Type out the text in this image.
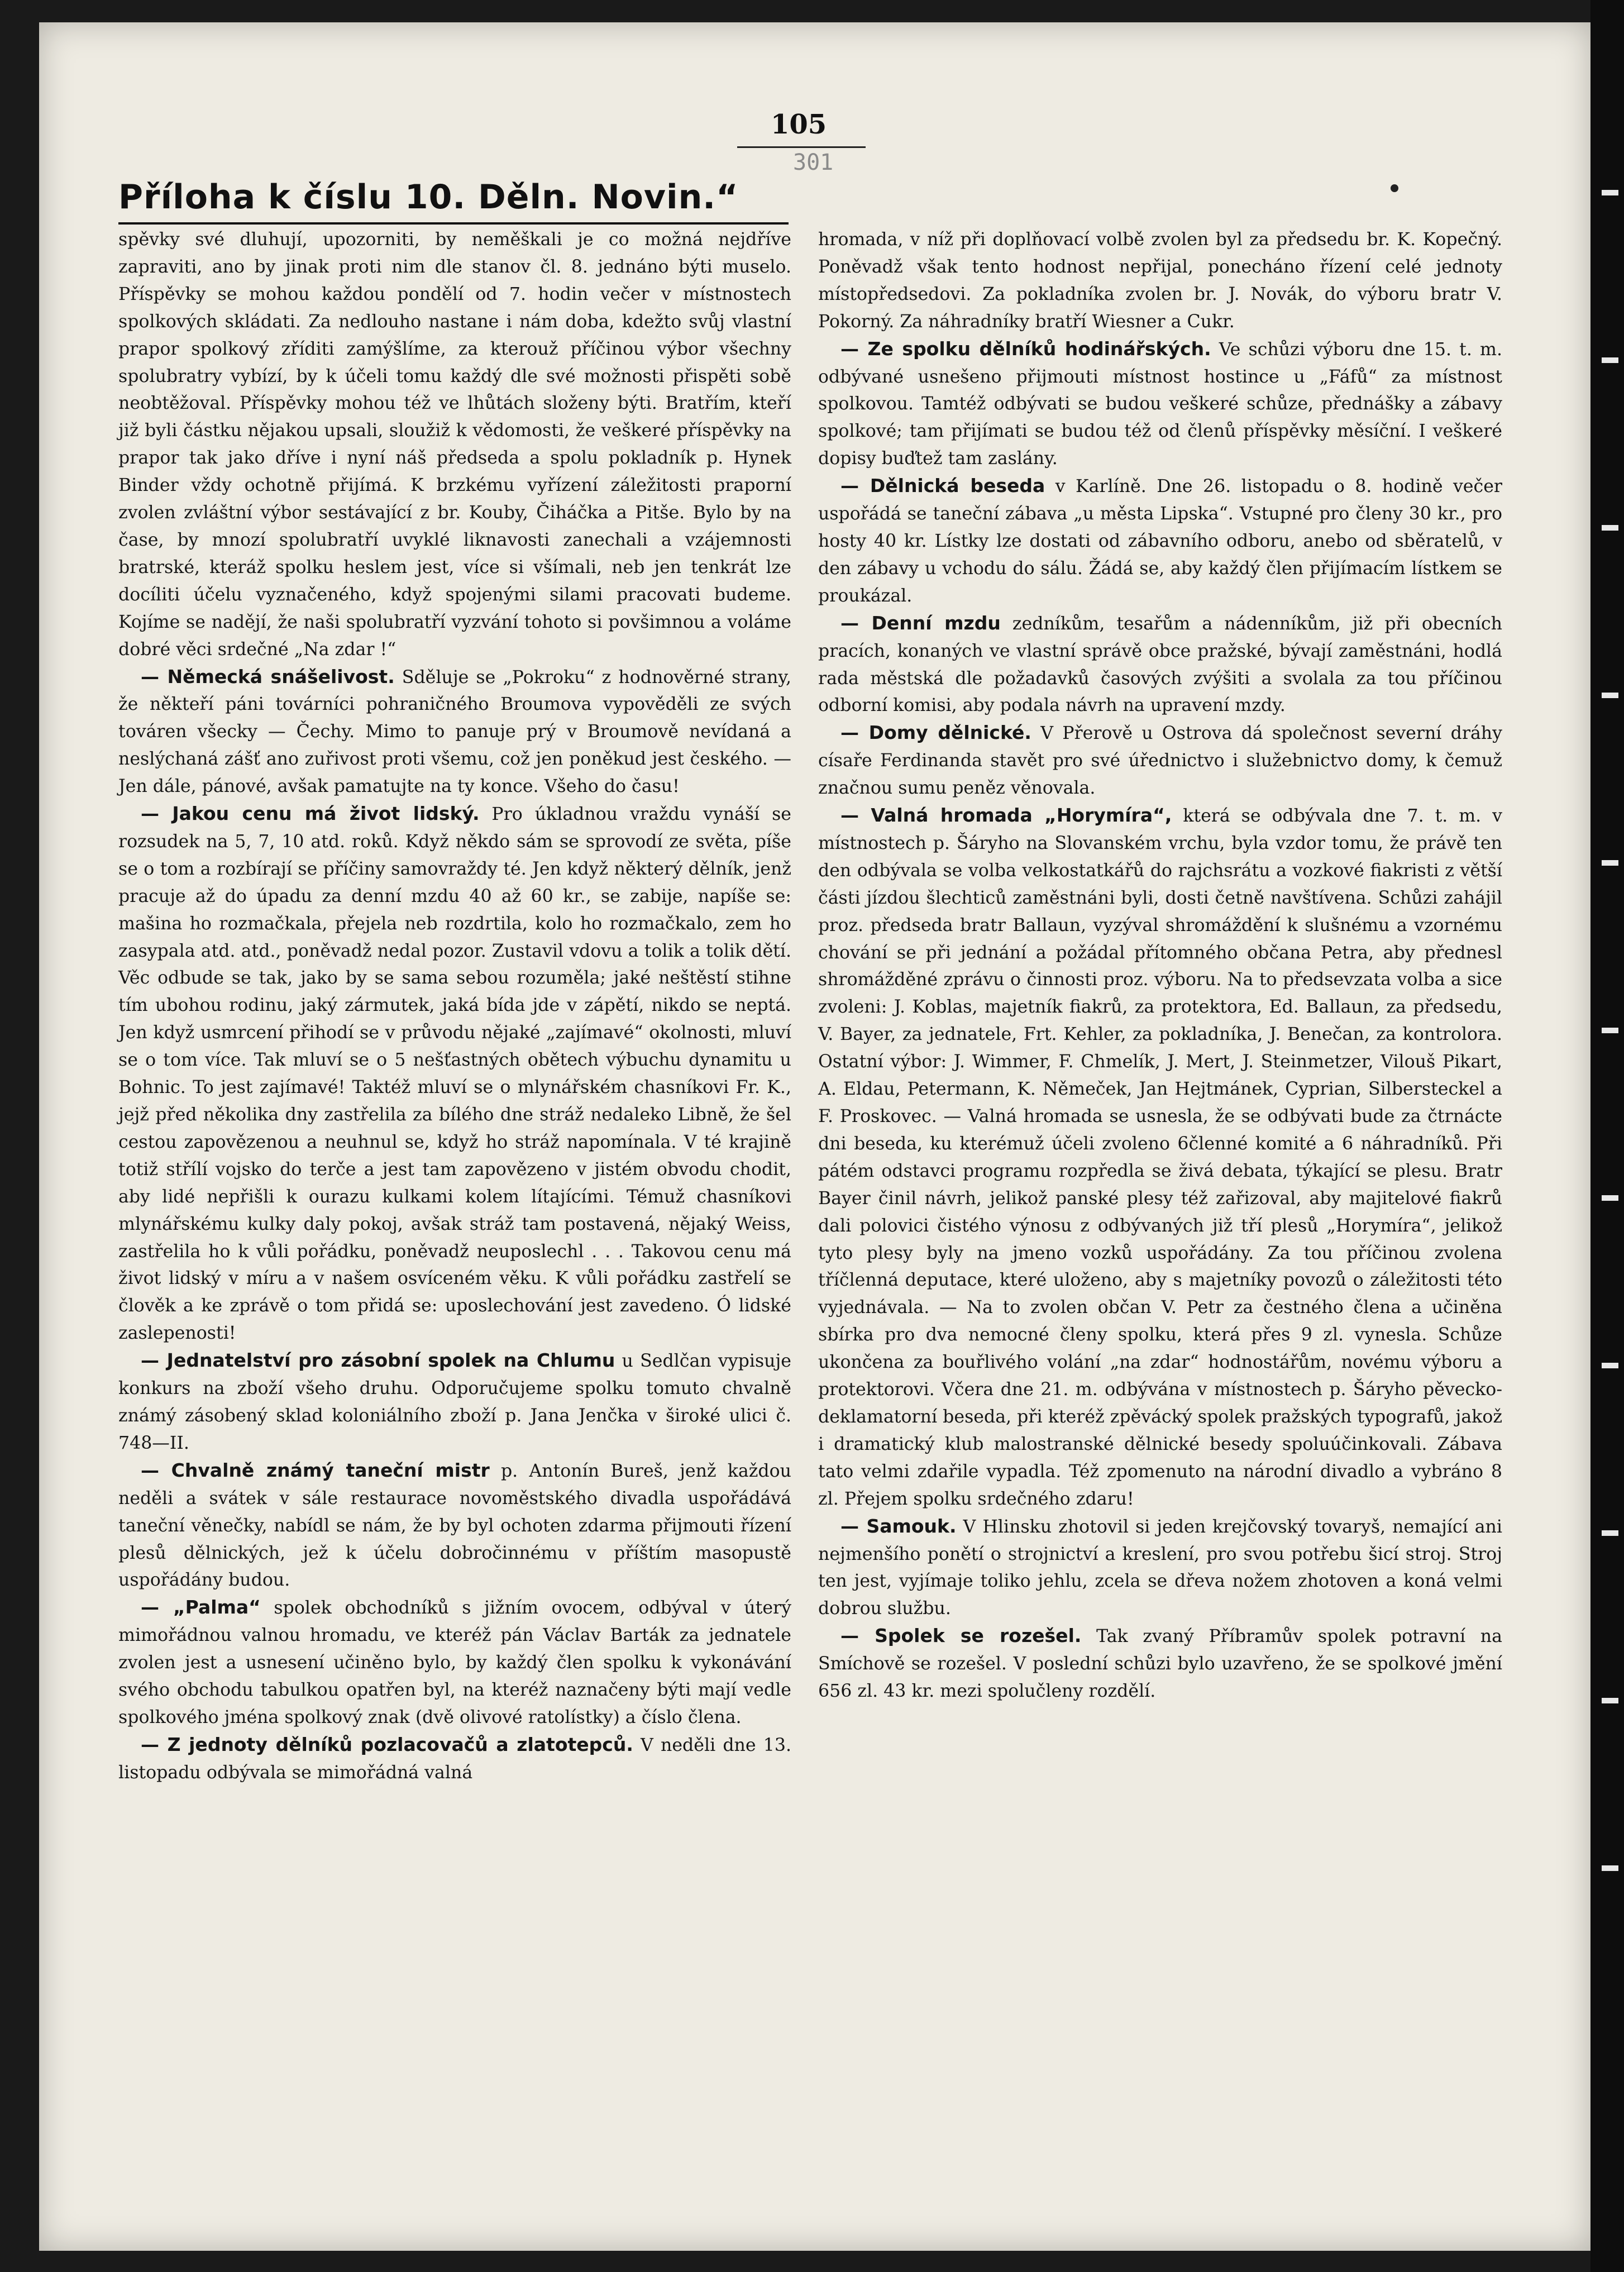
105
301
Příloha k číslu 10. Děln. Novin.“

spěvky své dluhují, upozorniti, by neměškali je co možná nejdříve zapraviti, ano by jinak proti nim dle stanov čl. 8. jednáno býti muselo. Příspěvky se mohou každou pondělí od 7. hodin večer v místnostech spolkových skládati. Za nedlouho nastane i nám doba, kdežto svůj vlastní prapor spolkový zříditi zamýšlíme, za kterouž příčinou výbor všechny spolubratry vybízí, by k účeli tomu každý dle své možnosti přispěti sobě neobtěžoval. Příspěvky mohou též ve lhůtách složeny býti. Bratřím, kteří již byli částku nějakou upsali, sloužiž k vědomosti, že veškeré příspěvky na prapor tak jako dříve i nyní náš předseda a spolu pokladník p. Hynek Binder vždy ochotně přijímá. K brzkému vyřízení záležitosti praporní zvolen zvláštní výbor sestávající z br. Kouby, Čiháčka a Pitše. Bylo by na čase, by mnozí spolubratří uvyklé liknavosti zanechali a vzájemnosti bratrské, kteráž spolku heslem jest, více si všímali, neb jen tenkrát lze docíliti účelu vyznačeného, když spojenými silami pracovati budeme. Kojíme se nadějí, že naši spolubratří vyzvání tohoto si povšimnou a voláme dobré věci srdečné „Na zdar !“

— Německá snášelivost. Sděluje se „Pokroku“ z hodnověrné strany, že někteří páni továrníci pohraničného Broumova vypověděli ze svých továren všecky — Čechy. Mimo to panuje prý v Broumově nevídaná a neslýchaná zášť ano zuřivost proti všemu, což jen poněkud jest českého. — Jen dále, pánové, avšak pamatujte na ty konce. Všeho do času!

— Jakou cenu má život lidský. Pro úkladnou vraždu vynáší se rozsudek na 5, 7, 10 atd. roků. Když někdo sám se sprovodí ze světa, píše se o tom a rozbírají se příčiny samovraždy té. Jen když některý dělník, jenž pracuje až do úpadu za denní mzdu 40 až 60 kr., se zabije, napíše se: mašina ho rozmačkala, přejela neb rozdrtila, kolo ho rozmačkalo, zem ho zasypala atd. atd., poněvadž nedal pozor. Zustavil vdovu a tolik a tolik dětí. Věc odbude se tak, jako by se sama sebou rozuměla; jaké neštěstí stihne tím ubohou rodinu, jaký zármutek, jaká bída jde v zápětí, nikdo se neptá. Jen když usmrcení přihodí se v průvodu nějaké „zajímavé“ okolnosti, mluví se o tom více. Tak mluví se o 5 nešťastných obětech výbuchu dynamitu u Bohnic. To jest zajímavé! Taktéž mluví se o mlynářském chasníkovi Fr. K., jejž před několika dny zastřelila za bílého dne stráž nedaleko Libně, že šel cestou zapovězenou a neuhnul se, když ho stráž napomínala. V té krajině totiž střílí vojsko do terče a jest tam zapovězeno v jistém obvodu chodit, aby lidé nepřišli k ourazu kulkami kolem lítajícími. Témuž chasníkovi mlynářskému kulky daly pokoj, avšak stráž tam postavená, nějaký Weiss, zastřelila ho k vůli pořádku, poněvadž neuposlechl . . . Takovou cenu má život lidský v míru a v našem osvíceném věku. K vůli pořádku zastřelí se člověk a ke zprávě o tom přidá se: uposlechování jest zavedeno. Ó lidské zaslepenosti!

— Jednatelství pro zásobní spolek na Chlumu u Sedlčan vypisuje konkurs na zboží všeho druhu. Odporučujeme spolku tomuto chvalně známý zásobený sklad koloniálního zboží p. Jana Jenčka v široké ulici č. 748—II.

— Chvalně známý taneční mistr p. Antonín Bureš, jenž každou neděli a svátek v sále restaurace novoměstského divadla uspořádává taneční věnečky, nabídl se nám, že by byl ochoten zdarma přijmouti řízení plesů dělnických, jež k účelu dobročinnému v příštím masopustě uspořádány budou.

— „Palma“ spolek obchodníků s jižním ovocem, odbýval v úterý mimořádnou valnou hromadu, ve kteréž pán Václav Barták za jednatele zvolen jest a usnesení učiněno bylo, by každý člen spolku k vykonávání svého obchodu tabulkou opatřen byl, na kteréž naznačeny býti mají vedle spolkového jména spolkový znak (dvě olivové ratolístky) a číslo člena.

— Z jednoty dělníků pozlacovačů a zlatotepců. V neděli dne 13. listopadu odbývala se mimořádná valná

hromada, v níž při doplňovací volbě zvolen byl za předsedu br. K. Kopečný. Poněvadž však tento hodnost nepřijal, ponecháno řízení celé jednoty místopředsedovi. Za pokladníka zvolen br. J. Novák, do výboru bratr V. Pokorný. Za náhradníky bratří Wiesner a Cukr.

— Ze spolku dělníků hodinářských. Ve schůzi výboru dne 15. t. m. odbývané usnešeno přijmouti místnost hostince u „Fáfů“ za místnost spolkovou. Tamtéž odbývati se budou veškeré schůze, přednášky a zábavy spolkové; tam přijímati se budou též od členů příspěvky měsíční. I veškeré dopisy buďtež tam zaslány.

— Dělnická beseda v Karlíně. Dne 26. listopadu o 8. hodině večer uspořádá se taneční zábava „u města Lipska“. Vstupné pro členy 30 kr., pro hosty 40 kr. Lístky lze dostati od zábavního odboru, anebo od sběratelů, v den zábavy u vchodu do sálu. Žádá se, aby každý člen přijímacím lístkem se proukázal.

— Denní mzdu zedníkům, tesařům a nádenníkům, již při obecních pracích, konaných ve vlastní správě obce pražské, bývají zaměstnáni, hodlá rada městská dle požadavků časových zvýšiti a svolala za tou příčinou odborní komisi, aby podala návrh na upravení mzdy.

— Domy dělnické. V Přerově u Ostrova dá společnost severní dráhy císaře Ferdinanda stavět pro své úřednictvo i služebnictvo domy, k čemuž značnou sumu peněz věnovala.

— Valná hromada „Horymíra“, která se odbývala dne 7. t. m. v místnostech p. Šáryho na Slovanském vrchu, byla vzdor tomu, že právě ten den odbývala se volba velkostatkářů do rajchsrátu a vozkové fiakristi z větší části jízdou šlechticů zaměstnáni byli, dosti četně navštívena. Schůzi zahájil proz. předseda bratr Ballaun, vyzýval shromáždění k slušnému a vzornému chování se při jednání a požádal přítomného občana Petra, aby přednesl shromážděné zprávu o činnosti proz. výboru. Na to předsevzata volba a sice zvoleni: J. Koblas, majetník fiakrů, za protektora, Ed. Ballaun, za předsedu, V. Bayer, za jednatele, Frt. Kehler, za pokladníka, J. Benečan, za kontrolora. Ostatní výbor: J. Wimmer, F. Chmelík, J. Mert, J. Steinmetzer, Vilouš Pikart, A. Eldau, Petermann, K. Němeček, Jan Hejtmánek, Cyprian, Silbersteckel a F. Proskovec. — Valná hromada se usnesla, že se odbývati bude za čtrnácte dni beseda, ku kterémuž účeli zvoleno 6členné komité a 6 náhradníků. Při pátém odstavci programu rozpředla se živá debata, týkající se plesu. Bratr Bayer činil návrh, jelikož panské plesy též zařizoval, aby majitelové fiakrů dali polovici čistého výnosu z odbývaných již tří plesů „Horymíra“, jelikož tyto plesy byly na jmeno vozků uspořádány. Za tou příčinou zvolena tříčlenná deputace, které uloženo, aby s majetníky povozů o záležitosti této vyjednávala. — Na to zvolen občan V. Petr za čestného člena a učiněna sbírka pro dva nemocné členy spolku, která přes 9 zl. vynesla. Schůze ukončena za bouřlivého volání „na zdar“ hodnostářům, novému výboru a protektorovi. Včera dne 21. m. odbývána v místnostech p. Šáryho pěvecko-deklamatorní beseda, při kteréž zpěvácký spolek pražských typografů, jakož i dramatický klub malostranské dělnické besedy spoluúčinkovali. Zábava tato velmi zdařile vypadla. Též zpomenuto na národní divadlo a vybráno 8 zl. Přejem spolku srdečného zdaru!

— Samouk. V Hlinsku zhotovil si jeden krejčovský tovaryš, nemající ani nejmenšího ponětí o strojnictví a kreslení, pro svou potřebu šicí stroj. Stroj ten jest, vyjímaje toliko jehlu, zcela se dřeva nožem zhotoven a koná velmi dobrou službu.

— Spolek se rozešel. Tak zvaný Příbramův spolek potravní na Smíchově se rozešel. V poslední schůzi bylo uzavřeno, že se spolkové jmění 656 zl. 43 kr. mezi spolučleny rozdělí.
